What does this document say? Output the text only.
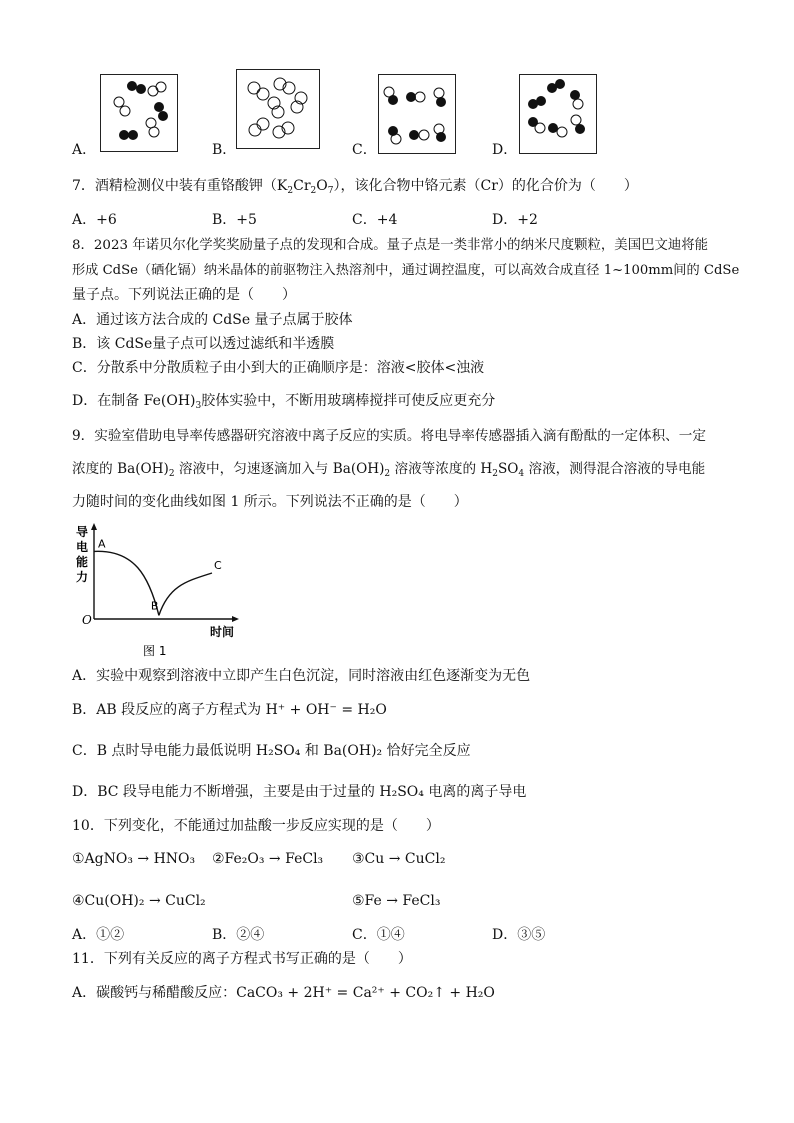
A．	B．	C．	D．
7．酒精检测仪中装有重铬酸钾$(K_2Cr_2O_7)$，该化合物中铬元素（Cr）的化合价为（　　）
A．+6	B．+5	C．+4	D．+2
8．2023 年诺贝尔化学奖奖励量子点的发现和合成。量子点是一类非常小的纳米尺度颗粒，美国巴文迪将能
形成 CdSe（硒化镉）纳米晶体的前驱物注入热溶剂中，通过调控温度，可以高效合成直径 1~100mm间的 CdSe
量子点。下列说法正确的是（　　）
A．通过该方法合成的 CdSe 量子点属于胶体
B．该 CdSe量子点可以透过滤纸和半透膜
C．分散系中分散质粒子由小到大的正确顺序是：溶液<胶体<浊液
D．在制备 $Fe(OH)_3$胶体实验中，不断用玻璃棒搅拌可使反应更充分
9．实验室借助电导率传感器研究溶液中离子反应的实质。将电导率传感器插入滴有酚酞的一定体积、一定
浓度的 $Ba(OH)_2$ 溶液中，匀速逐滴加入与 $Ba(OH)_2$ 溶液等浓度的 $H_2SO_4$ 溶液，测得混合溶液的导电能
力随时间的变化曲线如图 1 所示。下列说法不正确的是（　　）
导
电
能
力
O
时间
A
B
C
图 1
A．实验中观察到溶液中立即产生白色沉淀，同时溶液由红色逐渐变为无色
B．AB 段反应的离子方程式为 H⁺ + OH⁻ = H₂O
C．B 点时导电能力最低说明 H₂SO₄ 和 Ba(OH)₂ 恰好完全反应
D．BC 段导电能力不断增强，主要是由于过量的 H₂SO₄ 电离的离子导电
10．下列变化，不能通过加盐酸一步反应实现的是（　　）
①AgNO₃ → HNO₃ ②Fe₂O₃ → FeCl₃ ③Cu → CuCl₂
④Cu(OH)₂ → CuCl₂	⑤Fe → FeCl₃
A．①②	B．②④	C．①④	D．③⑤
11．下列有关反应的离子方程式书写正确的是（　　）
A．碳酸钙与稀醋酸反应：CaCO₃ + 2H⁺ = Ca²⁺ + CO₂↑ + H₂O
